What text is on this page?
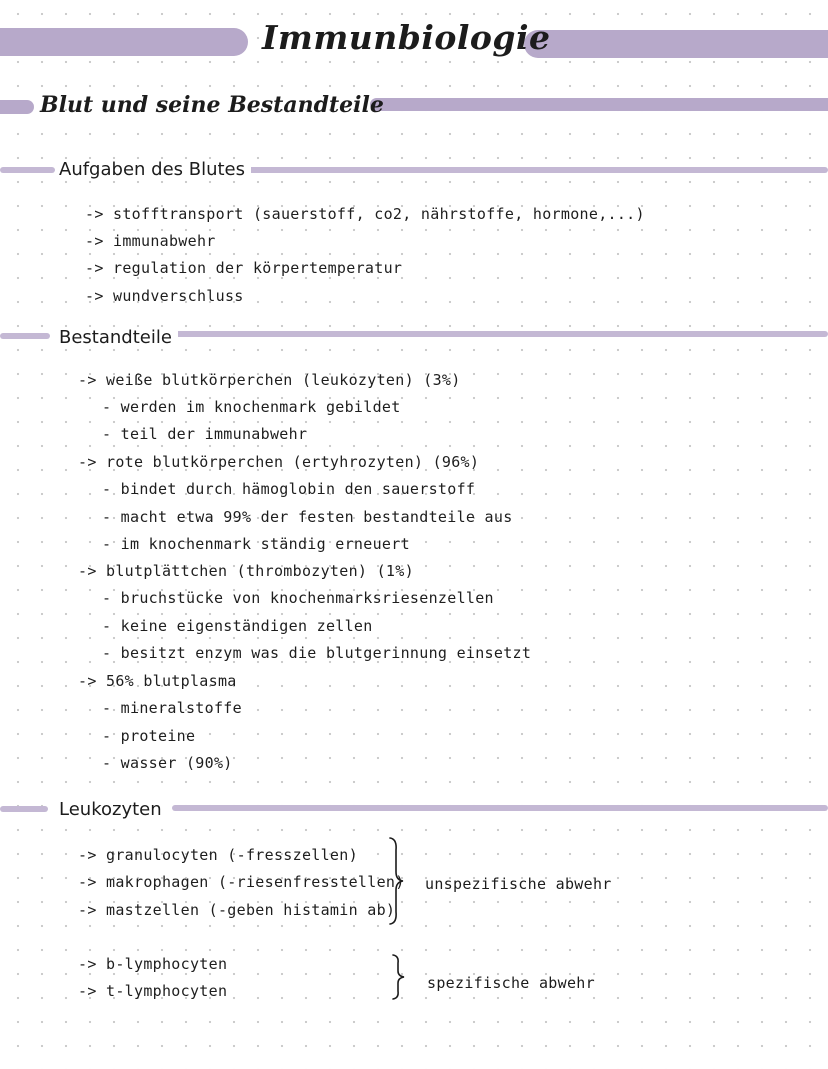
Immunbiologie
Blut und seine Bestandteile
Aufgaben des Blutes
-> stofftransport (sauerstoff, co2, nährstoffe, hormone,...)
-> immunabwehr
-> regulation der körpertemperatur
-> wundverschluss
Bestandteile
-> weiße blutkörperchen (leukozyten) (3%)
- werden im knochenmark gebildet
- teil der immunabwehr
-> rote blutkörperchen (ertyhrozyten) (96%)
- bindet durch hämoglobin den sauerstoff
- macht etwa 99% der festen bestandteile aus
- im knochenmark ständig erneuert
-> blutplättchen (thrombozyten) (1%)
- bruchstücke von knochenmarksriesenzellen
- keine eigenständigen zellen
- besitzt enzym was die blutgerinnung einsetzt
-> 56% blutplasma
- mineralstoffe
- proteine
- wasser (90%)
Leukozyten
-> granulocyten (-fresszellen)
-> makrophagen (-riesenfresstellen)
-> mastzellen (-geben histamin ab)
unspezifische abwehr
-> b-lymphocyten
-> t-lymphocyten	spezifische abwehr
